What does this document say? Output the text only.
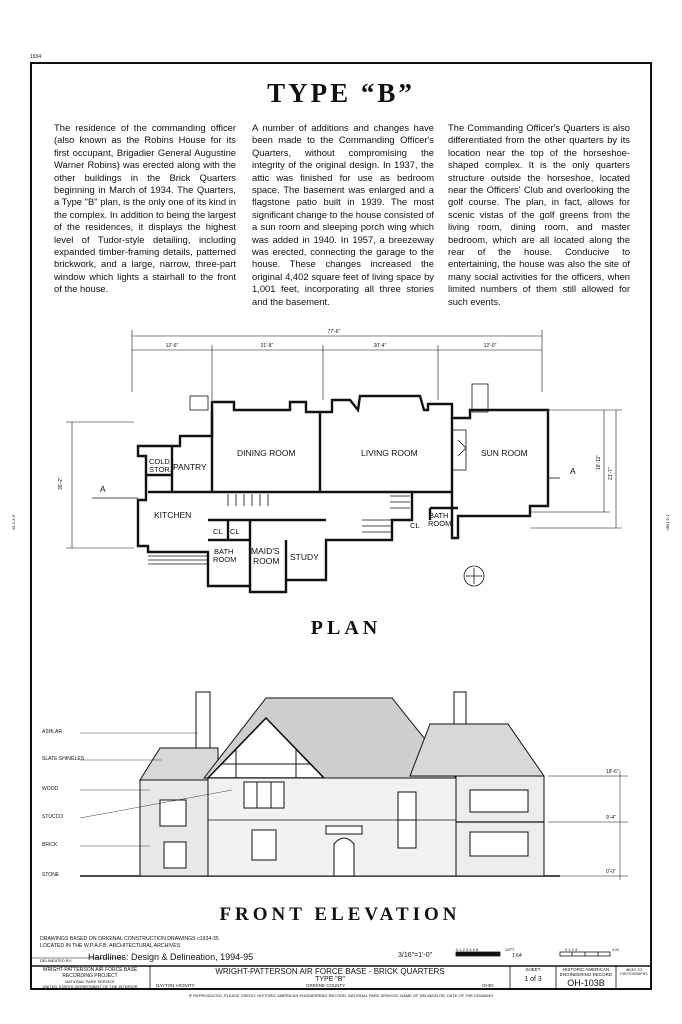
1934
39-1-3-6	1-3-1980
TYPE “B”
The residence of the commanding officer (also known as the Robins House for its first occupant, Brigadier General Augustine Warner Robins) was erected along with the other buildings in the Brick Quarters beginning in March of 1934. The Quarters, a Type "B" plan, is the only one of its kind in the complex. In addition to being the largest of the residences, it displays the highest level of Tudor-style detailing, including expanded timber-framing details, patterned brickwork, and a large, narrow, three-part window which lights a stairhall to the front of the house.
A number of additions and changes have been made to the Commanding Officer's Quarters, without compromising the integrity of the original design. In 1937, the attic was finished for use as bedroom space. The basement was enlarged and a flagstone patio built in 1939. The most significant change to the house consisted of a sun room and sleeping porch wing which was added in 1940. In 1957, a breezeway was erected, connecting the garage to the house. These changes increased the original 4,402 square feet of living space by 1,001 feet, incorporating all three stories and the basement.
The Commanding Officer's Quarters is also differentiated from the other quarters by its location near the top of the horseshoe-shaped complex. It is the only quarters structure outside the horseshoe, located near the Officers' Club and overlooking the golf course. The plan, in fact, allows for scenic vistas of the golf greens from the living room, dining room, and master bedroom, which are all located along the rear of the house. Conducive to entertaining, the house was also the site of many social activities for the officers, when limited numbers of them still allowed for such events.
77'-6"
12'-6"	21'-8"	20'-4"	12'-0"
35'-2"
18'-11"
21'-7"
A
A
DINING ROOM	LIVING ROOM	SUN ROOM
COLD
STOR. PANTRY
KITCHEN
CL CL
BATH
ROOM
MAID'S
ROOM STUDY
CL
BATH
ROOM
PLAN
ASHLAR
SLATE SHINGLES
WOOD
STUCCO
BRICK
STONE
18'-6"
9'-4"
0'-0"
FRONT ELEVATION
DRAWINGS BASED ON ORIGINAL CONSTRUCTION DRAWINGS c1934-35
LOCATED IN THE W.P.A.F.B. ARCHITECTURAL ARCHIVES
DELINEATED BY: Hardlines: Design & Delineation, 1994-95	3/16"=1'-0"
0 1 2 3 4 5 6	12FT
1:64
0 1 2 3	4 M
WRIGHT-PATTERSON AIR FORCE BASE
RECORDING PROJECT
NATIONAL PARK SERVICE
UNITED STATES DEPARTMENT OF THE INTERIOR
WRIGHT-PATTERSON AIR FORCE BASE - BRICK QUARTERS
TYPE "B"
DAYTON VICINITY	GREENE COUNTY	OHIO
SHEET
1 of 3
HISTORIC AMERICAN
ENGINEERING RECORD
OH-103B
INDEX TO PHOTOGRAPHS
IF REPRODUCED, PLEASE CREDIT: HISTORIC AMERICAN ENGINEERING RECORD, NATIONAL PARK SERVICE, NAME OF DELINEATOR, DATE OF THE DRAWING
